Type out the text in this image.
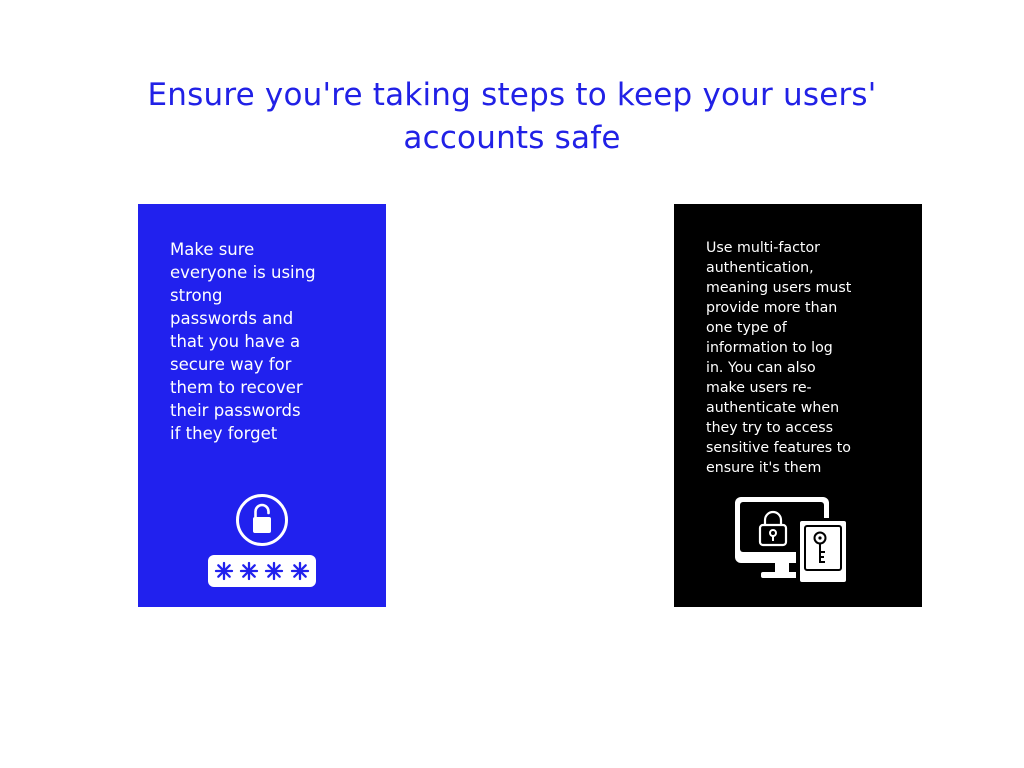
Ensure you're taking steps to keep your users'
accounts safe
Make sure
everyone is using
strong
passwords and
that you have a
secure way for
them to recover
their passwords
if they forget
Use multi-factor
authentication,
meaning users must
provide more than
one type of
information to log
in. You can also
make users re-
authenticate when
they try to access
sensitive features to
ensure it's them
